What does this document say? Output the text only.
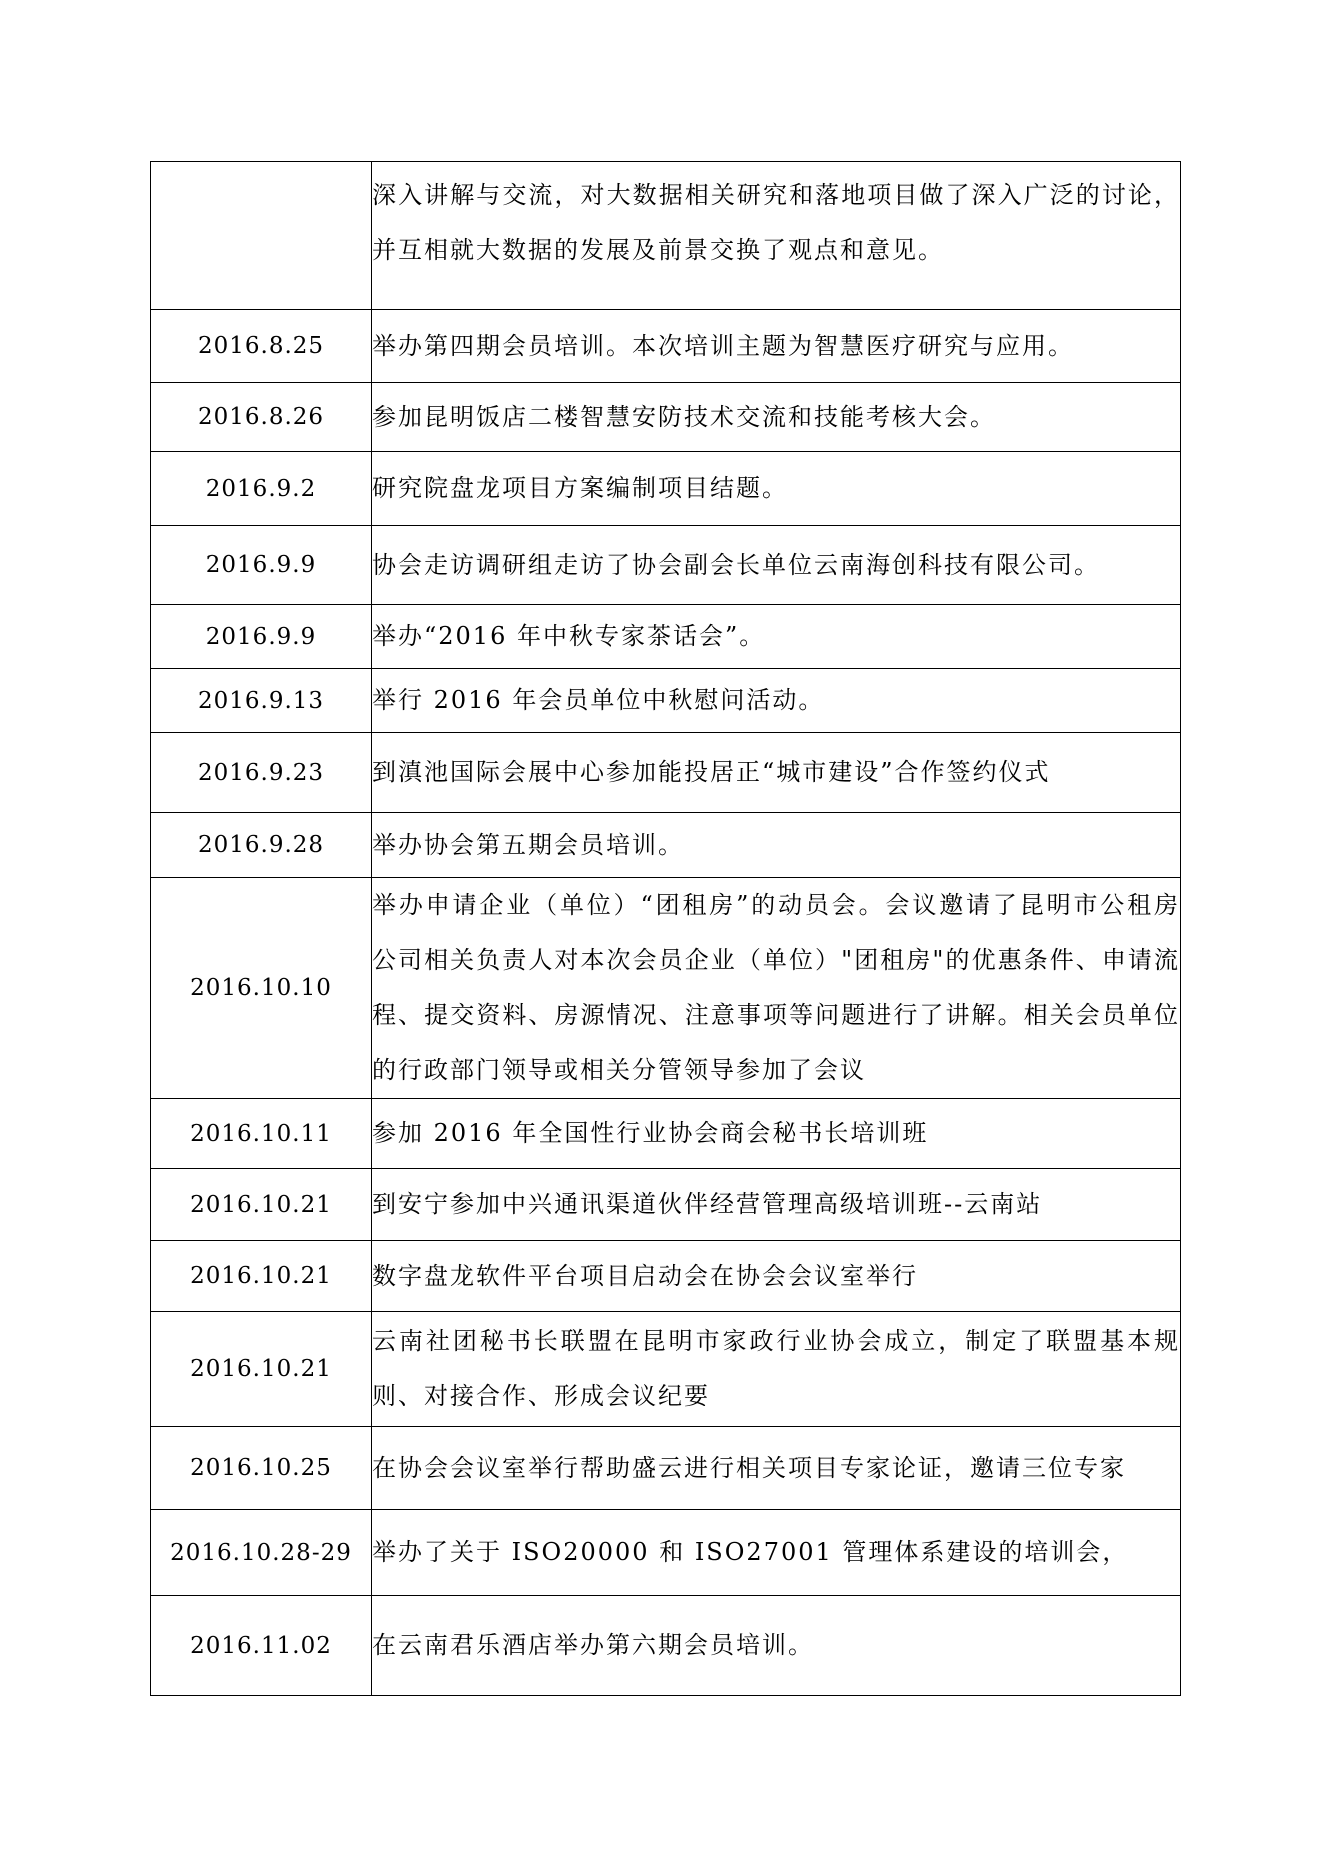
	深入讲解与交流，对大数据相关研究和落地项目做了深入广泛的讨论，并互相就大数据的发展及前景交换了观点和意见。
2016.8.25	举办第四期会员培训。本次培训主题为智慧医疗研究与应用。
2016.8.26	参加昆明饭店二楼智慧安防技术交流和技能考核大会。
2016.9.2	研究院盘龙项目方案编制项目结题。
2016.9.9	协会走访调研组走访了协会副会长单位云南海创科技有限公司。
2016.9.9	举办“2016 年中秋专家茶话会”。
2016.9.13	举行 2016 年会员单位中秋慰问活动。
2016.9.23	到滇池国际会展中心参加能投居正“城市建设”合作签约仪式
2016.9.28	举办协会第五期会员培训。
2016.10.10	举办申请企业（单位）“团租房”的动员会。会议邀请了昆明市公租房公司相关负责人对本次会员企业（单位）"团租房"的优惠条件、申请流程、提交资料、房源情况、注意事项等问题进行了讲解。相关会员单位的行政部门领导或相关分管领导参加了会议
2016.10.11	参加 2016 年全国性行业协会商会秘书长培训班
2016.10.21	到安宁参加中兴通讯渠道伙伴经营管理高级培训班--云南站
2016.10.21	数字盘龙软件平台项目启动会在协会会议室举行
2016.10.21	云南社团秘书长联盟在昆明市家政行业协会成立，制定了联盟基本规则、对接合作、形成会议纪要
2016.10.25	在协会会议室举行帮助盛云进行相关项目专家论证，邀请三位专家
2016.10.28-29	举办了关于 ISO20000 和 ISO27001 管理体系建设的培训会，
2016.11.02	在云南君乐酒店举办第六期会员培训。
